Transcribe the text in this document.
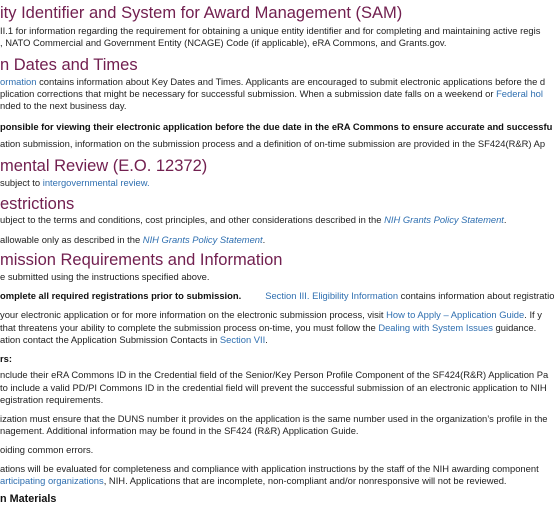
ity Identifier and System for Award Management (SAM)
II.1 for information regarding the requirement for obtaining a unique entity identifier and for completing and maintaining active regis
, NATO Commercial and Government Entity (NCAGE) Code (if applicable), eRA Commons, and Grants.gov.
n Dates and Times
ormation contains information about Key Dates and Times. Applicants are encouraged to submit electronic applications before the d
plication corrections that might be necessary for successful submission. When a submission date falls on a weekend or Federal hol
nded to the next business day.
ponsible for viewing their electronic application before the due date in the eRA Commons to ensure accurate and successfu
ation submission, information on the submission process and a definition of on-time submission are provided in the SF424(R&R) Ap
mental Review (E.O. 12372)
subject to intergovernmental review.
estrictions
ubject to the terms and conditions, cost principles, and other considerations described in the NIH Grants Policy Statement.
allowable only as described in the NIH Grants Policy Statement.
mission Requirements and Information
e submitted using the instructions specified above.
omplete all required registrations prior to submission.	Section III. Eligibility Information contains information about registratio
your electronic application or for more information on the electronic submission process, visit How to Apply – Application Guide. If y
that threatens your ability to complete the submission process on-time, you must follow the Dealing with System Issues guidance.
ation contact the Application Submission Contacts in Section VII.
rs:
nclude their eRA Commons ID in the Credential field of the Senior/Key Person Profile Component of the SF424(R&R) Application Pa
to include a valid PD/PI Commons ID in the credential field will prevent the successful submission of an electronic application to NIH
egistration requirements.
ization must ensure that the DUNS number it provides on the application is the same number used in the organization’s profile in the
nagement. Additional information may be found in the SF424 (R&R) Application Guide.
oiding common errors.
ations will be evaluated for completeness and compliance with application instructions by the staff of the NIH awarding component
articipating organizations, NIH. Applications that are incomplete, non-compliant and/or nonresponsive will not be reviewed.
n Materials
